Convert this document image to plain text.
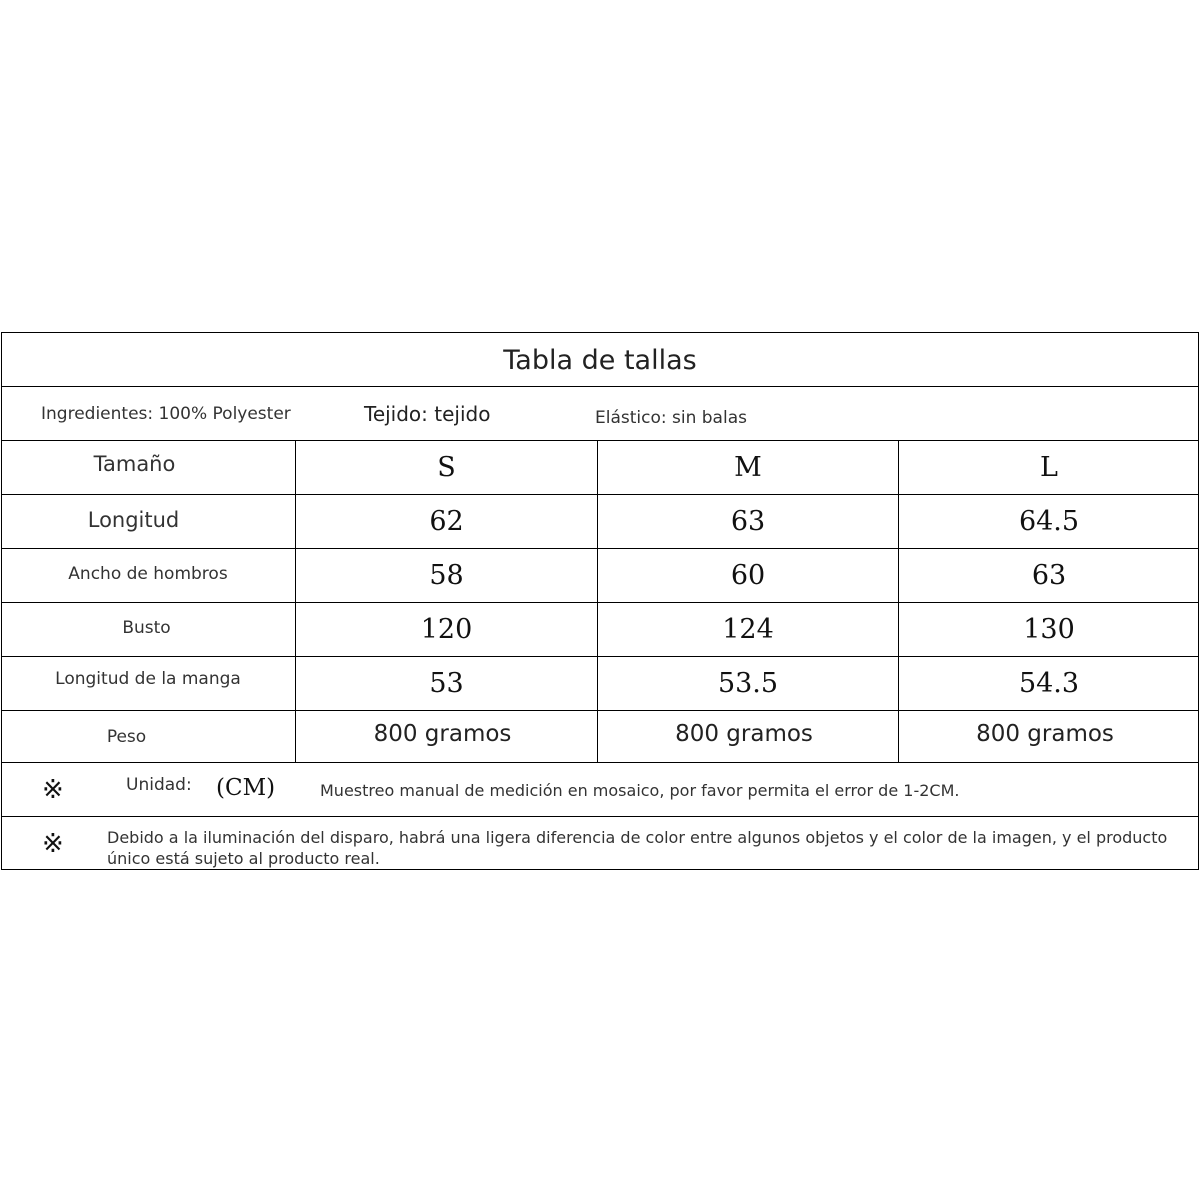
Tabla de tallas
Ingredientes: 100% Polyester	Tejido: tejido	Elástico: sin balas
Tamaño	S	M	L
Longitud	62	63	64.5
Ancho de hombros	58	60	63
Busto	120	124	130
Longitud de la manga	53	53.5	54.3
Peso	800 gramos	800 gramos	800 gramos
※	Unidad: (CM)	Muestreo manual de medición en mosaico, por favor permita el error de 1-2CM.
※	Debido a la iluminación del disparo, habrá una ligera diferencia de color entre algunos objetos y el color de la imagen, y el producto único está sujeto al producto real.
